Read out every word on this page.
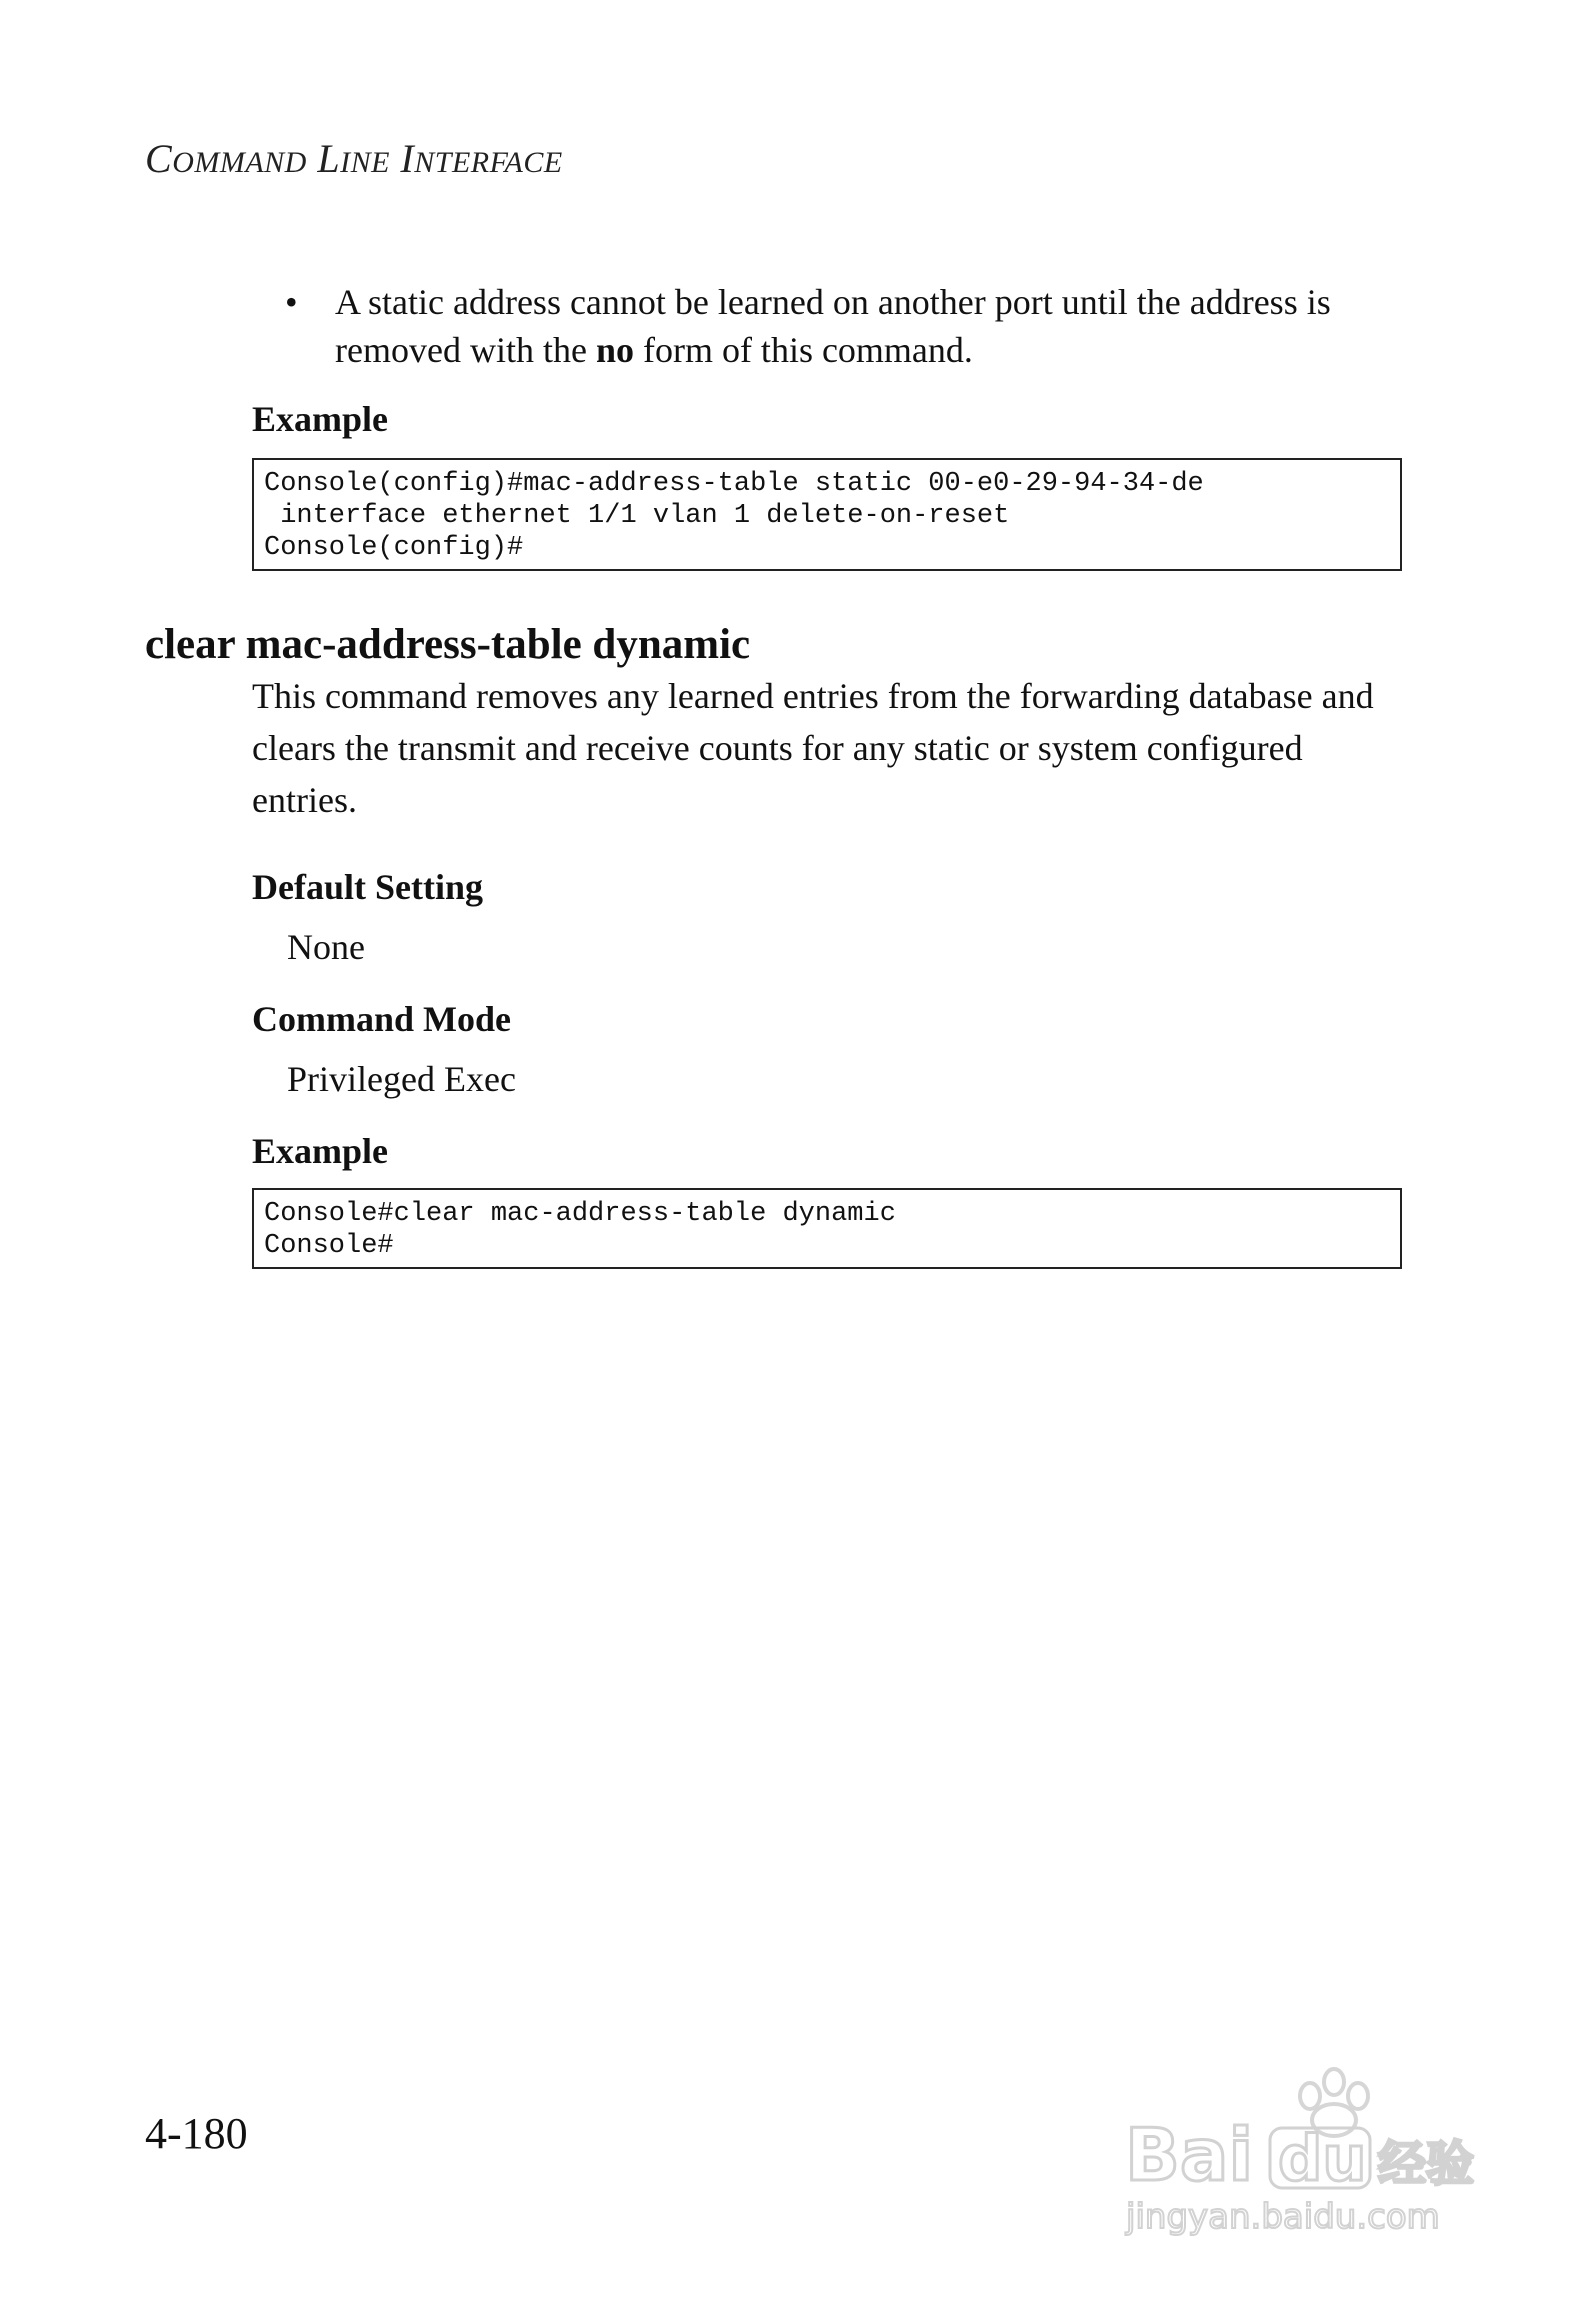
COMMAND LINE INTERFACE
• A static address cannot be learned on another port until the address is removed with the no form of this command.
Example
Console(config)#mac-address-table static 00-e0-29-94-34-de
interface ethernet 1/1 vlan 1 delete-on-reset
Console(config)#
clear mac-address-table dynamic
This command removes any learned entries from the forwarding database and clears the transmit and receive counts for any static or system configured entries.
Default Setting
None
Command Mode
Privileged Exec
Example
Console#clear mac-address-table dynamic
Console#
4-180	Bai du 经验
jingyan.baidu.com
